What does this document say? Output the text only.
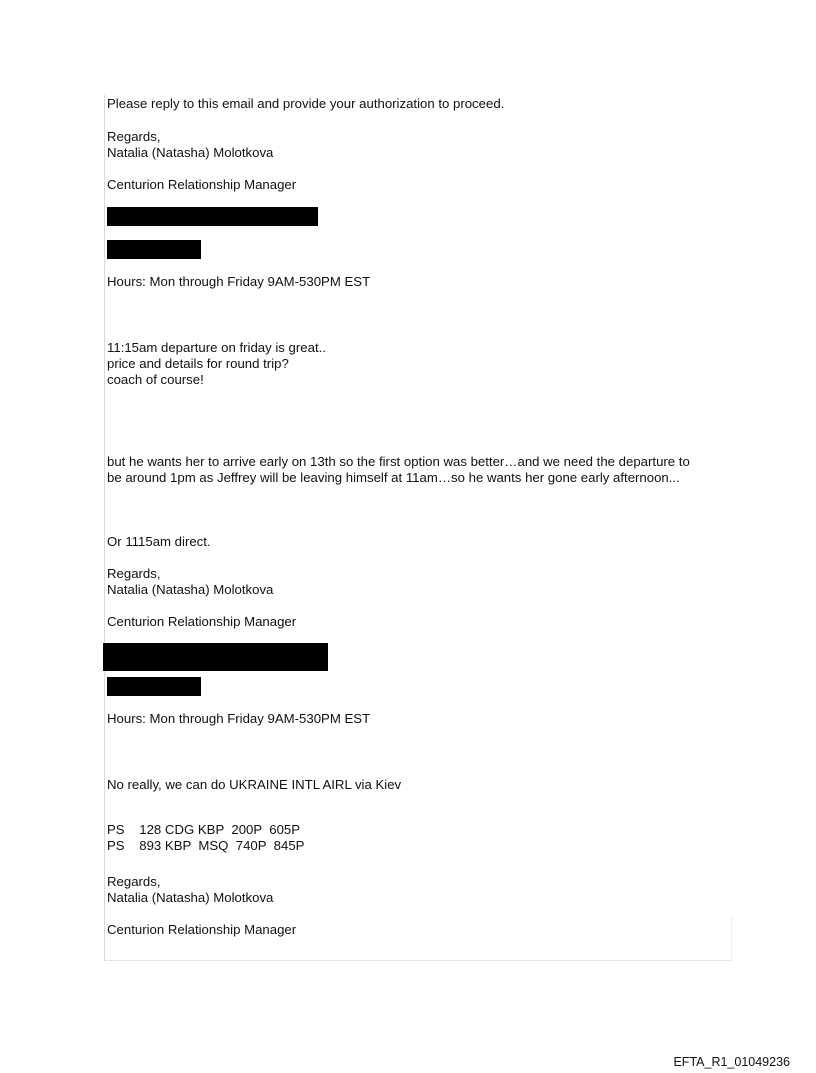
Please reply to this email and provide your authorization to proceed.

Regards,

Natalia (Natasha) Molotkova

Centurion Relationship Manager

Hours: Mon through Friday 9AM-530PM EST

11:15am departure on friday is great..

price and details for round trip?

coach of course!

but he wants her to arrive early on 13th so the first option was better…and we need the departure to

be around 1pm as Jeffrey will be leaving himself at 11am…so he wants her gone early afternoon...

Or 1115am direct.

Regards,

Natalia (Natasha) Molotkova

Centurion Relationship Manager

Hours: Mon through Friday 9AM-530PM EST

No really, we can do UKRAINE INTL AIRL via Kiev

PS    128 CDG KBP  200P  605P

PS    893 KBP  MSQ  740P  845P

Regards,

Natalia (Natasha) Molotkova

Centurion Relationship Manager

EFTA_R1_01049236
